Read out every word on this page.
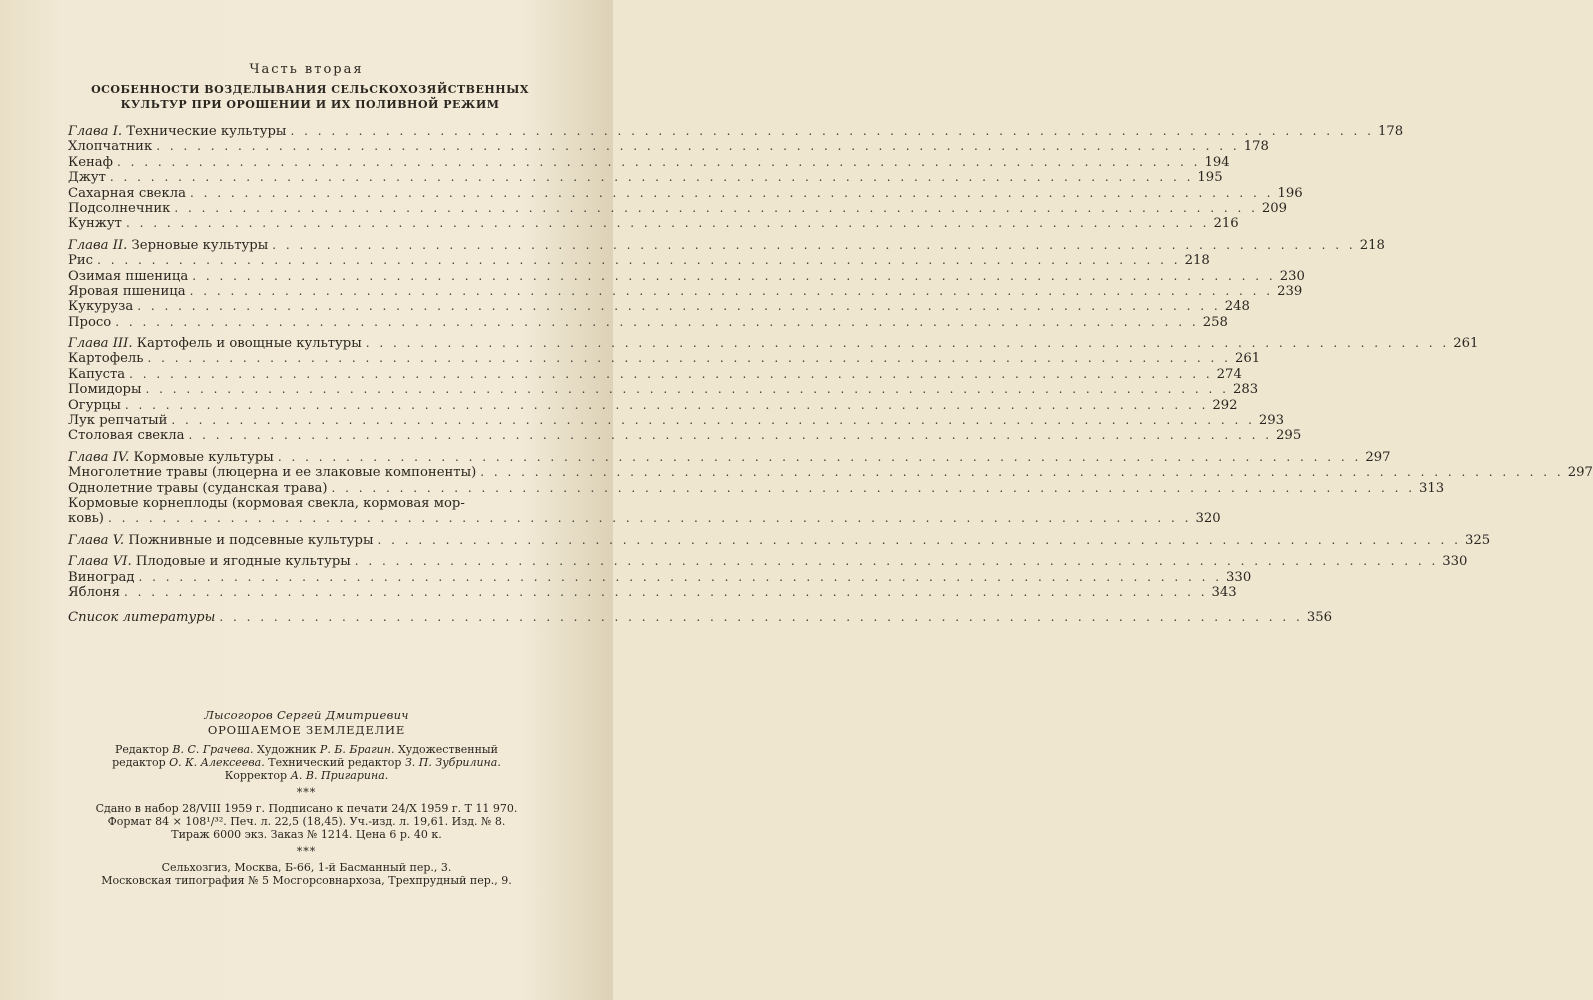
Часть вторая
ОСОБЕННОСТИ ВОЗДЕЛЫВАНИЯ СЕЛЬСКОХОЗЯЙСТВЕННЫХ
КУЛЬТУР ПРИ ОРОШЕНИИ И ИХ ПОЛИВНОЙ РЕЖИМ
Глава I. Технические культуры . . . . . . . . . . . . . . . . . . . . . . . . . . . . . . . . . . . . . . . . . . . . . . . . . . . . . . . . . . . . . . . . . . . . . . . . . . . . . . . . 178
Хлопчатник . . . . . . . . . . . . . . . . . . . . . . . . . . . . . . . . . . . . . . . . . . . . . . . . . . . . . . . . . . . . . . . . . . . . . . . . . . . . . . . . 178
Кенаф . . . . . . . . . . . . . . . . . . . . . . . . . . . . . . . . . . . . . . . . . . . . . . . . . . . . . . . . . . . . . . . . . . . . . . . . . . . . . . . . 194
Джут . . . . . . . . . . . . . . . . . . . . . . . . . . . . . . . . . . . . . . . . . . . . . . . . . . . . . . . . . . . . . . . . . . . . . . . . . . . . . . . . 195
Сахарная свекла . . . . . . . . . . . . . . . . . . . . . . . . . . . . . . . . . . . . . . . . . . . . . . . . . . . . . . . . . . . . . . . . . . . . . . . . . . . . . . . . 196
Подсолнечник . . . . . . . . . . . . . . . . . . . . . . . . . . . . . . . . . . . . . . . . . . . . . . . . . . . . . . . . . . . . . . . . . . . . . . . . . . . . . . . . 209
Кунжут . . . . . . . . . . . . . . . . . . . . . . . . . . . . . . . . . . . . . . . . . . . . . . . . . . . . . . . . . . . . . . . . . . . . . . . . . . . . . . . . 216
Глава II. Зерновые культуры . . . . . . . . . . . . . . . . . . . . . . . . . . . . . . . . . . . . . . . . . . . . . . . . . . . . . . . . . . . . . . . . . . . . . . . . . . . . . . . . 218
Рис . . . . . . . . . . . . . . . . . . . . . . . . . . . . . . . . . . . . . . . . . . . . . . . . . . . . . . . . . . . . . . . . . . . . . . . . . . . . . . . . 218
Озимая пшеница . . . . . . . . . . . . . . . . . . . . . . . . . . . . . . . . . . . . . . . . . . . . . . . . . . . . . . . . . . . . . . . . . . . . . . . . . . . . . . . . 230
Яровая пшеница . . . . . . . . . . . . . . . . . . . . . . . . . . . . . . . . . . . . . . . . . . . . . . . . . . . . . . . . . . . . . . . . . . . . . . . . . . . . . . . . 239
Кукуруза . . . . . . . . . . . . . . . . . . . . . . . . . . . . . . . . . . . . . . . . . . . . . . . . . . . . . . . . . . . . . . . . . . . . . . . . . . . . . . . . 248
Просо . . . . . . . . . . . . . . . . . . . . . . . . . . . . . . . . . . . . . . . . . . . . . . . . . . . . . . . . . . . . . . . . . . . . . . . . . . . . . . . . 258
Глава III. Картофель и овощные культуры . . . . . . . . . . . . . . . . . . . . . . . . . . . . . . . . . . . . . . . . . . . . . . . . . . . . . . . . . . . . . . . . . . . . . . . . . . . . . . . . 261
Картофель . . . . . . . . . . . . . . . . . . . . . . . . . . . . . . . . . . . . . . . . . . . . . . . . . . . . . . . . . . . . . . . . . . . . . . . . . . . . . . . . 261
Капуста . . . . . . . . . . . . . . . . . . . . . . . . . . . . . . . . . . . . . . . . . . . . . . . . . . . . . . . . . . . . . . . . . . . . . . . . . . . . . . . . 274
Помидоры . . . . . . . . . . . . . . . . . . . . . . . . . . . . . . . . . . . . . . . . . . . . . . . . . . . . . . . . . . . . . . . . . . . . . . . . . . . . . . . . 283
Огурцы . . . . . . . . . . . . . . . . . . . . . . . . . . . . . . . . . . . . . . . . . . . . . . . . . . . . . . . . . . . . . . . . . . . . . . . . . . . . . . . . 292
Лук репчатый . . . . . . . . . . . . . . . . . . . . . . . . . . . . . . . . . . . . . . . . . . . . . . . . . . . . . . . . . . . . . . . . . . . . . . . . . . . . . . . . 293
Столовая свекла . . . . . . . . . . . . . . . . . . . . . . . . . . . . . . . . . . . . . . . . . . . . . . . . . . . . . . . . . . . . . . . . . . . . . . . . . . . . . . . . 295
Глава IV. Кормовые культуры . . . . . . . . . . . . . . . . . . . . . . . . . . . . . . . . . . . . . . . . . . . . . . . . . . . . . . . . . . . . . . . . . . . . . . . . . . . . . . . . 297
Многолетние травы (люцерна и ее злаковые компоненты) . . . . . . . . . . . . . . . . . . . . . . . . . . . . . . . . . . . . . . . . . . . . . . . . . . . . . . . . . . . . . . . . . . . . . . . . . . . . . . . . 297
Однолетние травы (суданская трава) . . . . . . . . . . . . . . . . . . . . . . . . . . . . . . . . . . . . . . . . . . . . . . . . . . . . . . . . . . . . . . . . . . . . . . . . . . . . . . . . 313
Кормовые корнеплоды (кормовая свекла, кормовая мор-
ковь) . . . . . . . . . . . . . . . . . . . . . . . . . . . . . . . . . . . . . . . . . . . . . . . . . . . . . . . . . . . . . . . . . . . . . . . . . . . . . . . . 320
Глава V. Пожнивные и подсевные культуры . . . . . . . . . . . . . . . . . . . . . . . . . . . . . . . . . . . . . . . . . . . . . . . . . . . . . . . . . . . . . . . . . . . . . . . . . . . . . . . . 325
Глава VI. Плодовые и ягодные культуры . . . . . . . . . . . . . . . . . . . . . . . . . . . . . . . . . . . . . . . . . . . . . . . . . . . . . . . . . . . . . . . . . . . . . . . . . . . . . . . . 330
Виноград . . . . . . . . . . . . . . . . . . . . . . . . . . . . . . . . . . . . . . . . . . . . . . . . . . . . . . . . . . . . . . . . . . . . . . . . . . . . . . . . 330
Яблоня . . . . . . . . . . . . . . . . . . . . . . . . . . . . . . . . . . . . . . . . . . . . . . . . . . . . . . . . . . . . . . . . . . . . . . . . . . . . . . . . 343
Список литературы . . . . . . . . . . . . . . . . . . . . . . . . . . . . . . . . . . . . . . . . . . . . . . . . . . . . . . . . . . . . . . . . . . . . . . . . . . . . . . . . 356
Лысогоров Сергей Дмитриевич
ОРОШАЕМОЕ ЗЕМЛЕДЕЛИЕ
Редактор В. С. Грачева. Художник Р. Б. Брагин. Художественный
редактор О. К. Алексеева. Технический редактор З. П. Зубрилина.
Корректор А. В. Пригарина.
***
Сдано в набор 28/VIII 1959 г. Подписано к печати 24/X 1959 г. Т 11 970.
Формат 84 × 108¹/³². Печ. л. 22,5 (18,45). Уч.-изд. л. 19,61. Изд. № 8.
Тираж 6000 экз. Заказ № 1214. Цена 6 р. 40 к.
***
Сельхозгиз, Москва, Б-66, 1-й Басманный пер., 3.
Московская типография № 5 Мосгорсовнархоза, Трехпрудный пер., 9.
